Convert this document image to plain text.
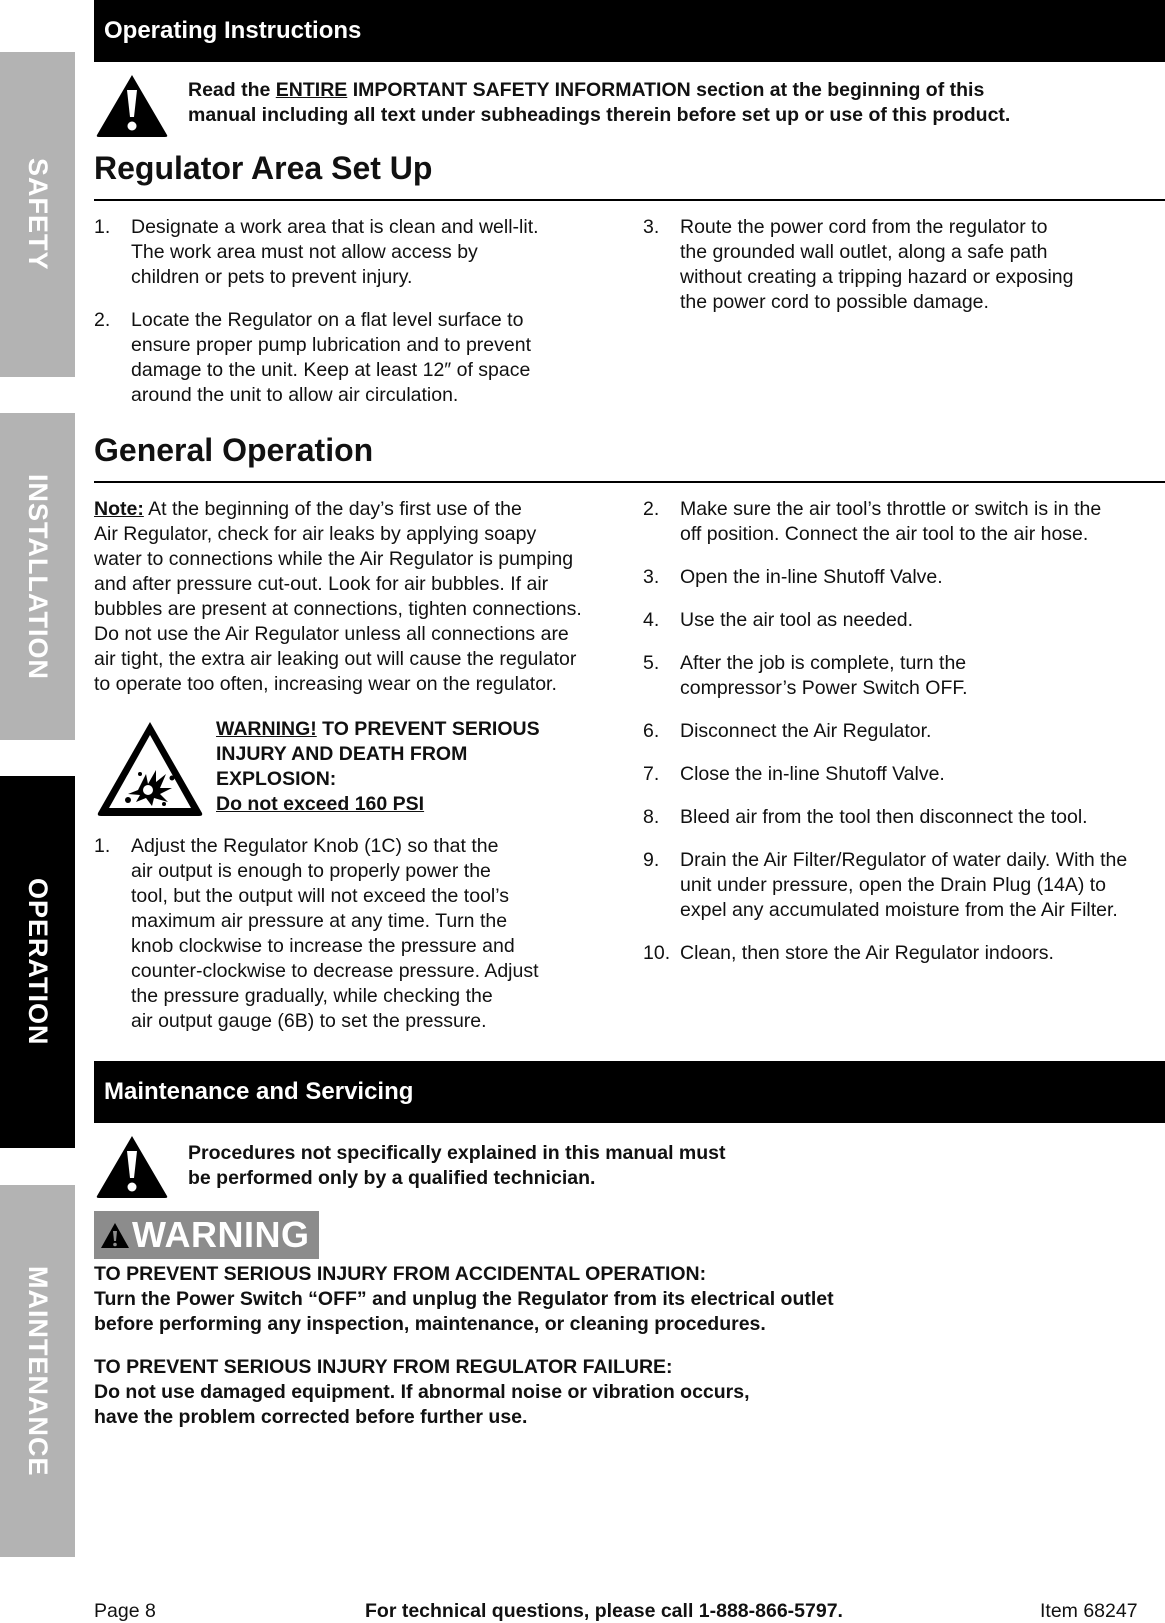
SAFETY
INSTALLATION
OPERATION
MAINTENANCE
Operating Instructions
Read the ENTIRE IMPORTANT SAFETY INFORMATION section at the beginning of this
manual including all text under subheadings therein before set up or use of this product.
Regulator Area Set Up
1.	Designate a work area that is clean and well-lit.
The work area must not allow access by
children or pets to prevent injury.
2.	Locate the Regulator on a flat level surface to
ensure proper pump lubrication and to prevent
damage to the unit. Keep at least 12″ of space
around the unit to allow air circulation.
3.	Route the power cord from the regulator to
the grounded wall outlet, along a safe path
without creating a tripping hazard or exposing
the power cord to possible damage.
General Operation
Note: At the beginning of the day’s first use of the
Air Regulator, check for air leaks by applying soapy
water to connections while the Air Regulator is pumping
and after pressure cut-out. Look for air bubbles. If air
bubbles are present at connections, tighten connections.
Do not use the Air Regulator unless all connections are
air tight, the extra air leaking out will cause the regulator
to operate too often, increasing wear on the regulator.
WARNING! TO PREVENT SERIOUS
INJURY AND DEATH FROM
EXPLOSION:
Do not exceed 160 PSI
1.	Adjust the Regulator Knob (1C) so that the
air output is enough to properly power the
tool, but the output will not exceed the tool’s
maximum air pressure at any time. Turn the
knob clockwise to increase the pressure and
counter-clockwise to decrease pressure. Adjust
the pressure gradually, while checking the
air output gauge (6B) to set the pressure.
2.	Make sure the air tool’s throttle or switch is in the
off position. Connect the air tool to the air hose.
3.	Open the in-line Shutoff Valve.
4.	Use the air tool as needed.
5.	After the job is complete, turn the
compressor’s Power Switch OFF.
6.	Disconnect the Air Regulator.
7.	Close the in-line Shutoff Valve.
8.	Bleed air from the tool then disconnect the tool.
9.	Drain the Air Filter/Regulator of water daily. With the
unit under pressure, open the Drain Plug (14A) to
expel any accumulated moisture from the Air Filter.
10. Clean, then store the Air Regulator indoors.
Maintenance and Servicing
Procedures not specifically explained in this manual must
be performed only by a qualified technician.
WARNING
TO PREVENT SERIOUS INJURY FROM ACCIDENTAL OPERATION:
Turn the Power Switch “OFF” and unplug the Regulator from its electrical outlet
before performing any inspection, maintenance, or cleaning procedures.
TO PREVENT SERIOUS INJURY FROM REGULATOR FAILURE:
Do not use damaged equipment. If abnormal noise or vibration occurs,
have the problem corrected before further use.
Page 8	For technical questions, please call 1-888-866-5797.	Item 68247
